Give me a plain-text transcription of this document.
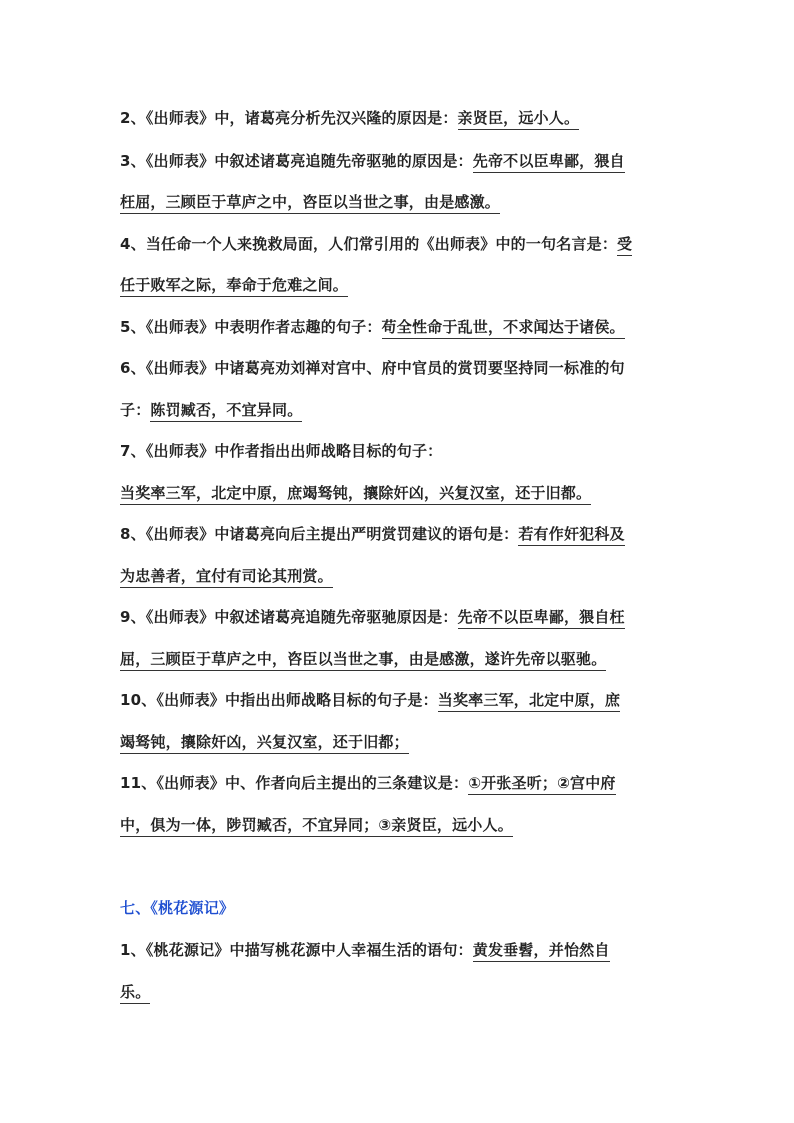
2、《出师表》中，诸葛亮分析先汉兴隆的原因是：亲贤臣，远小人。
3、《出师表》中叙述诸葛亮追随先帝驱驰的原因是：先帝不以臣卑鄙，猥自
枉屈，三顾臣于草庐之中，咨臣以当世之事，由是感激。
4、当任命一个人来挽救局面，人们常引用的《出师表》中的一句名言是：受
任于败军之际，奉命于危难之间。
5、《出师表》中表明作者志趣的句子：苟全性命于乱世，不求闻达于诸侯。
6、《出师表》中诸葛亮劝刘禅对宫中、府中官员的赏罚要坚持同一标准的句
子：陈罚臧否，不宜异同。
7、《出师表》中作者指出出师战略目标的句子：
当奖率三军，北定中原，庶竭驽钝，攘除奸凶，兴复汉室，还于旧都。
8、《出师表》中诸葛亮向后主提出严明赏罚建议的语句是：若有作奸犯科及
为忠善者，宜付有司论其刑赏。
9、《出师表》中叙述诸葛亮追随先帝驱驰原因是：先帝不以臣卑鄙，猥自枉
屈，三顾臣于草庐之中，咨臣以当世之事，由是感激，遂许先帝以驱驰。
10、《出师表》中指出出师战略目标的句子是：当奖率三军，北定中原，庶
竭驽钝，攘除奸凶，兴复汉室，还于旧都；
11、《出师表》中、作者向后主提出的三条建议是：①开张圣听；②宫中府
中，俱为一体，陟罚臧否，不宜异同；③亲贤臣，远小人。
七、《桃花源记》
1、《桃花源记》中描写桃花源中人幸福生活的语句：黄发垂髫，并怡然自
乐。
